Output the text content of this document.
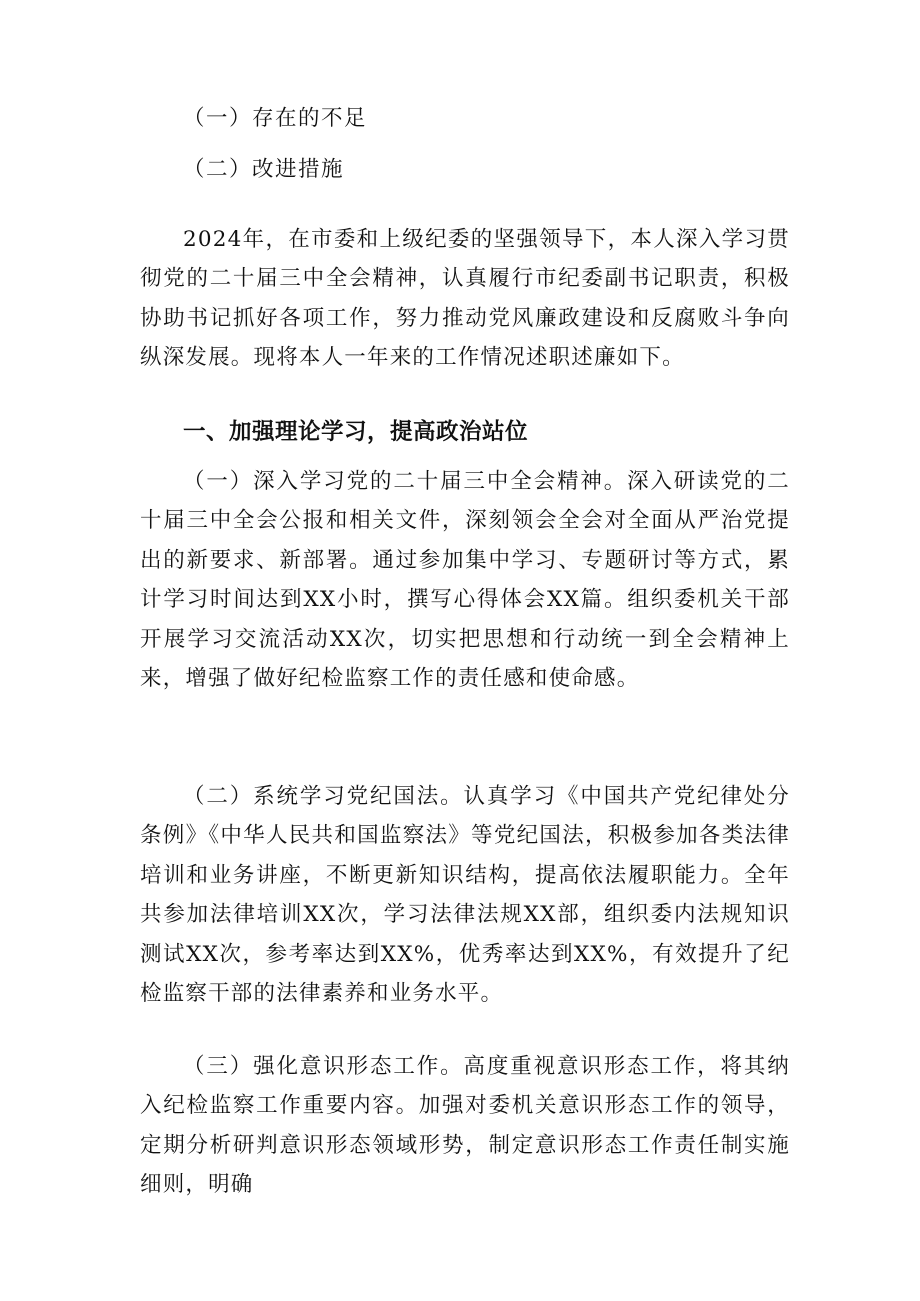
（一）存在的不足

（二）改进措施

2024年，在市委和上级纪委的坚强领导下，本人深入学习贯彻党的二十届三中全会精神，认真履行市纪委副书记职责，积极协助书记抓好各项工作，努力推动党风廉政建设和反腐败斗争向纵深发展。现将本人一年来的工作情况述职述廉如下。

一、加强理论学习，提高政治站位

（一）深入学习党的二十届三中全会精神。深入研读党的二十届三中全会公报和相关文件，深刻领会全会对全面从严治党提出的新要求、新部署。通过参加集中学习、专题研讨等方式，累计学习时间达到XX小时，撰写心得体会XX篇。组织委机关干部开展学习交流活动XX次，切实把思想和行动统一到全会精神上来，增强了做好纪检监察工作的责任感和使命感。

（二）系统学习党纪国法。认真学习《中国共产党纪律处分条例》《中华人民共和国监察法》等党纪国法，积极参加各类法律培训和业务讲座，不断更新知识结构，提高依法履职能力。全年共参加法律培训XX次，学习法律法规XX部，组织委内法规知识测试XX次，参考率达到XX%，优秀率达到XX%，有效提升了纪检监察干部的法律素养和业务水平。

（三）强化意识形态工作。高度重视意识形态工作，将其纳入纪检监察工作重要内容。加强对委机关意识形态工作的领导，定期分析研判意识形态领域形势，制定意识形态工作责任制实施细则，明确
